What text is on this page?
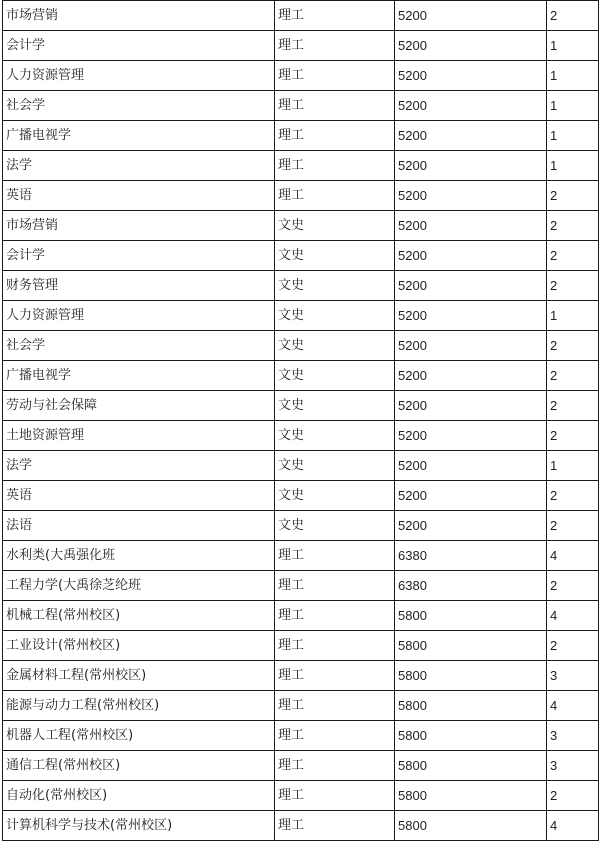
市场营销	理工	5200	2
会计学	理工	5200	1
人力资源管理	理工	5200	1
社会学	理工	5200	1
广播电视学	理工	5200	1
法学	理工	5200	1
英语	理工	5200	2
市场营销	文史	5200	2
会计学	文史	5200	2
财务管理	文史	5200	2
人力资源管理	文史	5200	1
社会学	文史	5200	2
广播电视学	文史	5200	2
劳动与社会保障	文史	5200	2
土地资源管理	文史	5200	2
法学	文史	5200	1
英语	文史	5200	2
法语	文史	5200	2
水利类(大禹强化班	理工	6380	4
工程力学(大禹徐芝纶班	理工	6380	2
机械工程(常州校区)	理工	5800	4
工业设计(常州校区)	理工	5800	2
金属材料工程(常州校区)	理工	5800	3
能源与动力工程(常州校区)	理工	5800	4
机器人工程(常州校区)	理工	5800	3
通信工程(常州校区)	理工	5800	3
自动化(常州校区)	理工	5800	2
计算机科学与技术(常州校区)	理工	5800	4
